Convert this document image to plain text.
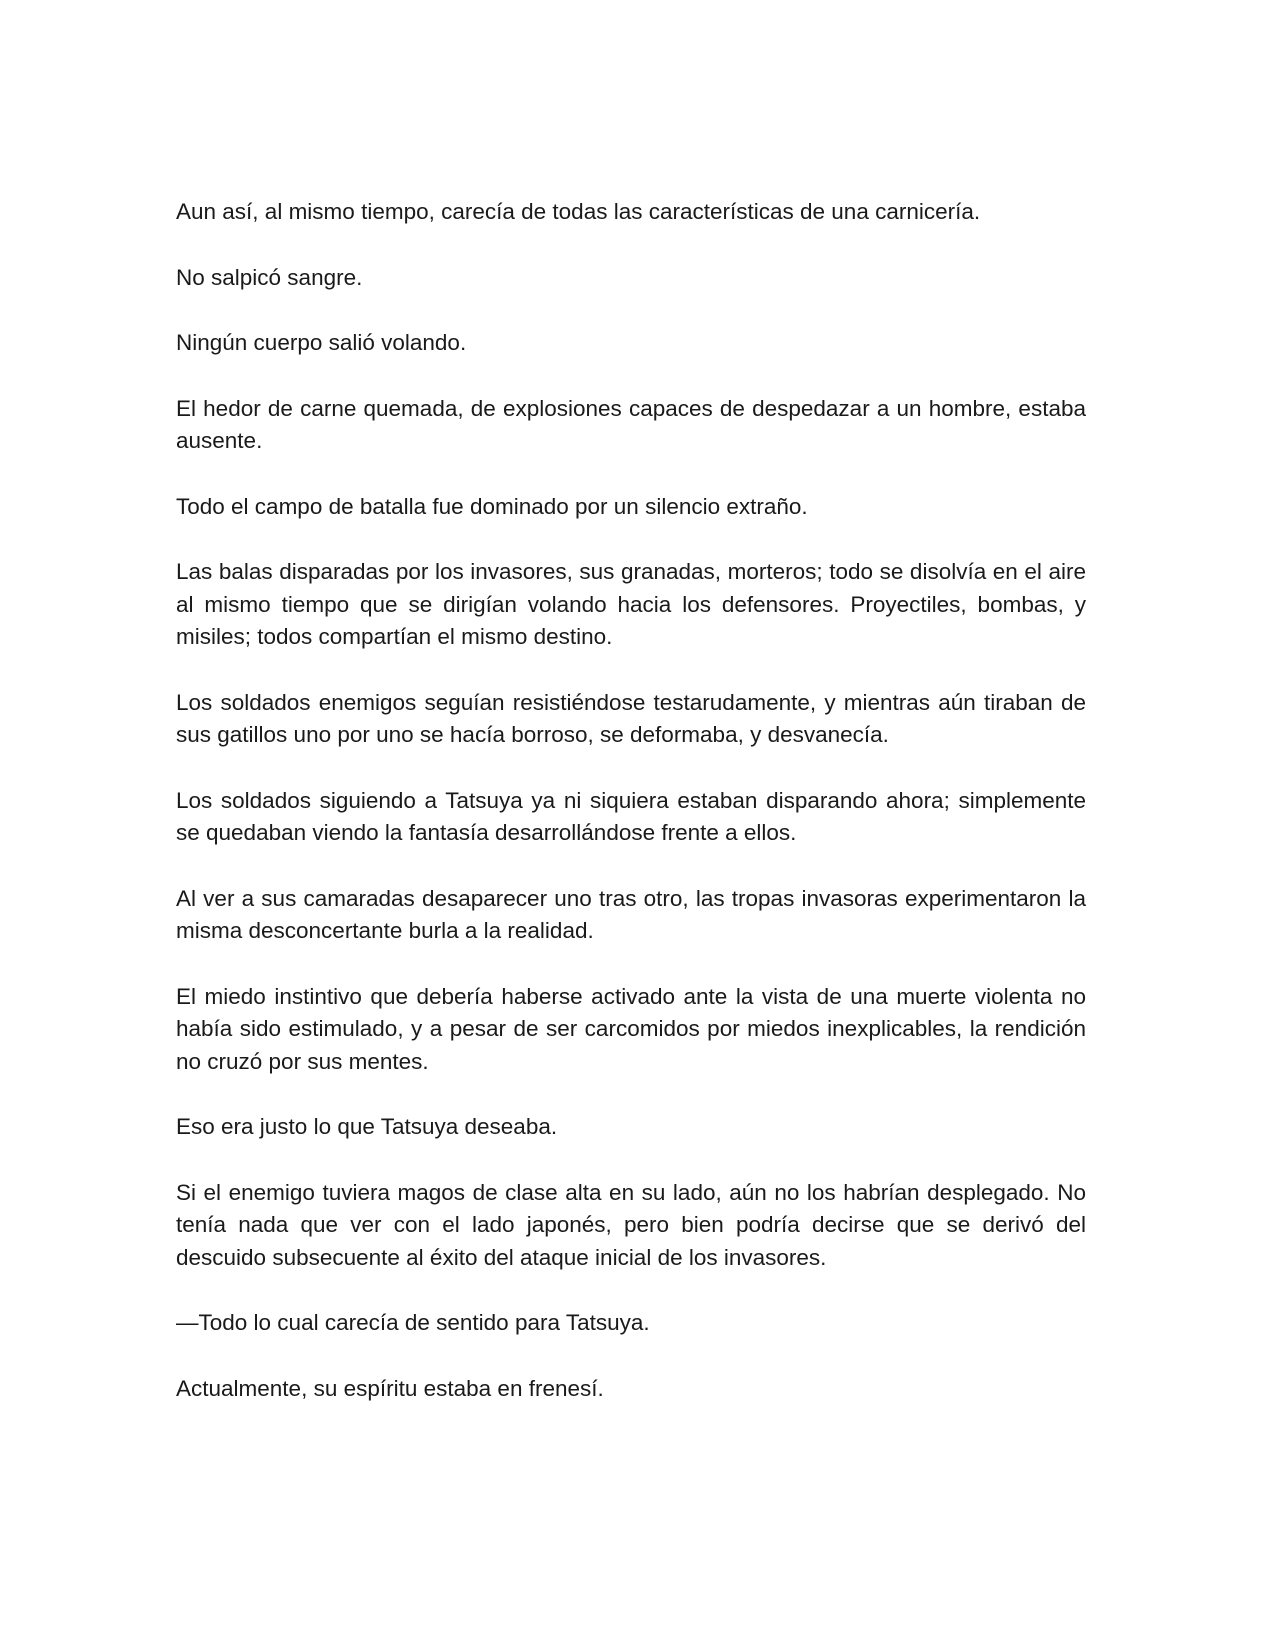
Aun así, al mismo tiempo, carecía de todas las características de una carnicería.

No salpicó sangre.

Ningún cuerpo salió volando.

El hedor de carne quemada, de explosiones capaces de despedazar a un hombre, estaba ausente.

Todo el campo de batalla fue dominado por un silencio extraño.

Las balas disparadas por los invasores, sus granadas, morteros; todo se disolvía en el aire al mismo tiempo que se dirigían volando hacia los defensores. Proyectiles, bombas, y misiles; todos compartían el mismo destino.

Los soldados enemigos seguían resistiéndose testarudamente, y mientras aún tiraban de sus gatillos uno por uno se hacía borroso, se deformaba, y desvanecía.

Los soldados siguiendo a Tatsuya ya ni siquiera estaban disparando ahora; simplemente se quedaban viendo la fantasía desarrollándose frente a ellos.

Al ver a sus camaradas desaparecer uno tras otro, las tropas invasoras experimentaron la misma desconcertante burla a la realidad.

El miedo instintivo que debería haberse activado ante la vista de una muerte violenta no había sido estimulado, y a pesar de ser carcomidos por miedos inexplicables, la rendición no cruzó por sus mentes.

Eso era justo lo que Tatsuya deseaba.

Si el enemigo tuviera magos de clase alta en su lado, aún no los habrían desplegado. No tenía nada que ver con el lado japonés, pero bien podría decirse que se derivó del descuido subsecuente al éxito del ataque inicial de los invasores.

—Todo lo cual carecía de sentido para Tatsuya.

Actualmente, su espíritu estaba en frenesí.
